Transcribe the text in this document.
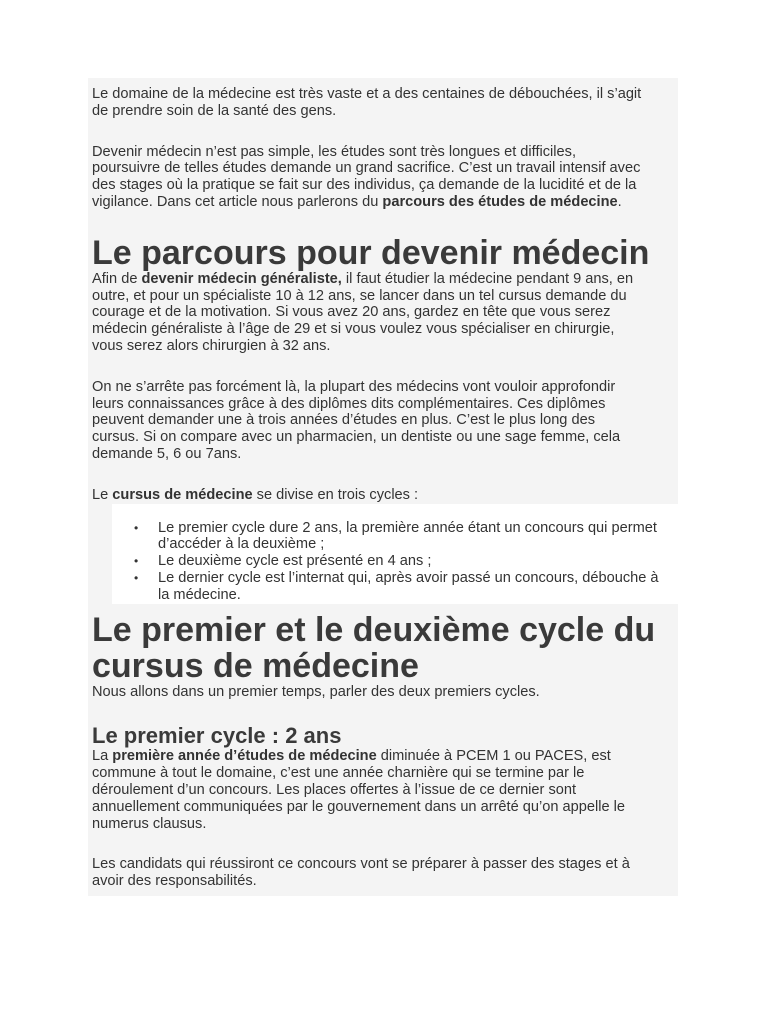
Le domaine de la médecine est très vaste et a des centaines de débouchées, il s’agit
de prendre soin de la santé des gens.

Devenir médecin n’est pas simple, les études sont très longues et difficiles,
poursuivre de telles études demande un grand sacrifice. C’est un travail intensif avec
des stages où la pratique se fait sur des individus, ça demande de la lucidité et de la
vigilance. Dans cet article nous parlerons du parcours des études de médecine.

Le parcours pour devenir médecin

Afin de devenir médecin généraliste, il faut étudier la médecine pendant 9 ans, en
outre, et pour un spécialiste 10 à 12 ans, se lancer dans un tel cursus demande du
courage et de la motivation. Si vous avez 20 ans, gardez en tête que vous serez
médecin généraliste à l’âge de 29 et si vous voulez vous spécialiser en chirurgie,
vous serez alors chirurgien à 32 ans.

On ne s’arrête pas forcément là, la plupart des médecins vont vouloir approfondir
leurs connaissances grâce à des diplômes dits complémentaires. Ces diplômes
peuvent demander une à trois années d’études en plus. C’est le plus long des
cursus. Si on compare avec un pharmacien, un dentiste ou une sage femme, cela
demande 5, 6 ou 7ans.

Le cursus de médecine se divise en trois cycles :

• Le premier cycle dure 2 ans, la première année étant un concours qui permet
d’accéder à la deuxième ;
• Le deuxième cycle est présenté en 4 ans ;
• Le dernier cycle est l’internat qui, après avoir passé un concours, débouche à
la médecine.
Le premier et le deuxième cycle du
cursus de médecine

Nous allons dans un premier temps, parler des deux premiers cycles.

Le premier cycle : 2 ans

La première année d’études de médecine diminuée à PCEM 1 ou PACES, est
commune à tout le domaine, c’est une année charnière qui se termine par le
déroulement d’un concours. Les places offertes à l’issue de ce dernier sont
annuellement communiquées par le gouvernement dans un arrêté qu’on appelle le
numerus clausus.

Les candidats qui réussiront ce concours vont se préparer à passer des stages et à
avoir des responsabilités.
